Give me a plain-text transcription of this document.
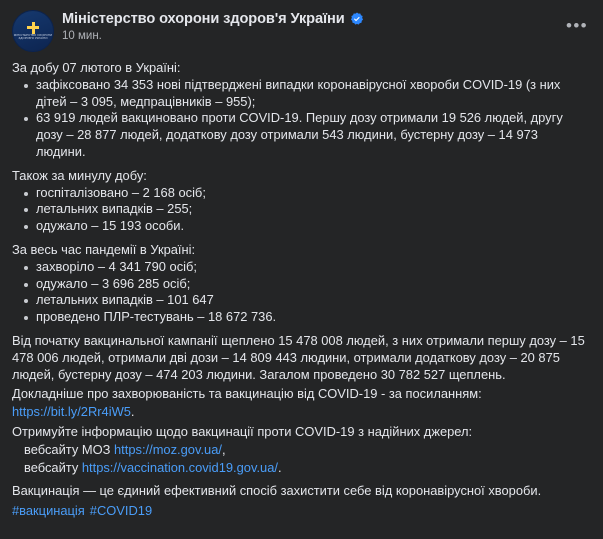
МІНІСТЕРСТВО ОХОРОНИ ЗДОРОВ'Я УКРАЇНИ
Міністерство охорони здоров'я України
10 мин.
•••
За добу 07 лютого в Україні:
зафіксовано 34 353 нові підтверджені випадки коронавірусної хвороби COVID-19 (з них дітей – 3 095, медпрацівників – 955);
63 919 людей вакциновано проти COVID-19. Першу дозу отримали 19 526 людей, другу дозу – 28 877 людей, додаткову дозу отримали 543 людини, бустерну дозу – 14 973 людини.
Також за минулу добу:
госпіталізовано – 2 168 осіб;
летальних випадків – 255;
одужало – 15 193 особи.
За весь час пандемії в Україні:
захворіло – 4 341 790 осіб;
одужало – 3 696 285 осіб;
летальних випадків – 101 647
проведено ПЛР-тестувань – 18 672 736.
Від початку вакцинальної кампанії щеплено 15 478 008 людей, з них отримали першу дозу – 15 478 006 людей, отримали дві дози – 14 809 443 людини, отримали додаткову дозу – 20 875 людей, бустерну дозу – 474 203 людини. Загалом проведено 30 782 527 щеплень.
Докладніше про захворюваність та вакцинацію від COVID-19 - за посиланням:
https://bit.ly/2Rr4iW5.
Отримуйте інформацію щодо вакцинації проти COVID-19 з надійних джерел:
вебсайту МОЗ https://moz.gov.ua/,
вебсайту https://vaccination.covid19.gov.ua/.
Вакцинація — це єдиний ефективний спосіб захистити себе від коронавірусної хвороби.
#вакцинація #COVID19
